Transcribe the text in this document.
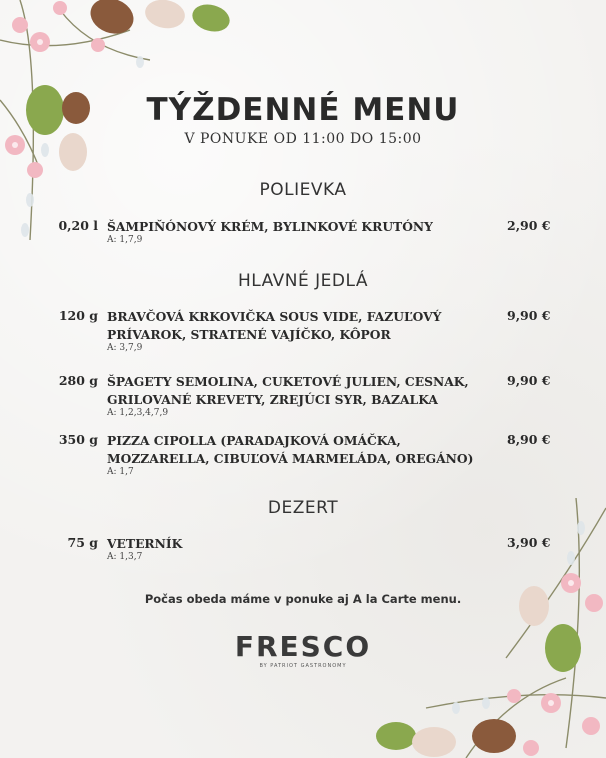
TÝŽDENNÉ MENU
V PONUKE OD 11:00 DO 15:00
POLIEVKA
0,20 l ŠAMPIŇÓNOVÝ KRÉM, BYLINKOVÉ KRUTÓNY
A: 1,7,9
2,90 €
HLAVNÉ JEDLÁ
120 g BRAVČOVÁ KRKOVIČKA SOUS VIDE, FAZUĽOVÝ PRÍVAROK, STRATENÉ VAJÍČKO, KÔPOR
A: 3,7,9
9,90 €
280 g ŠPAGETY SEMOLINA, CUKETOVÉ JULIEN, CESNAK, GRILOVANÉ KREVETY, ZREJÚCI SYR, BAZALKA
A: 1,2,3,4,7,9
9,90 €
350 g PIZZA CIPOLLA (PARADAJKOVÁ OMÁČKA, MOZZARELLA, CIBUĽOVÁ MARMELÁDA, OREGÁNO)
A: 1,7
8,90 €
DEZERT
75 g VETERNÍK
A: 1,3,7
3,90 €
Počas obeda máme v ponuke aj A la Carte menu.
FRESCO
BY PATRIOT GASTRONOMY
